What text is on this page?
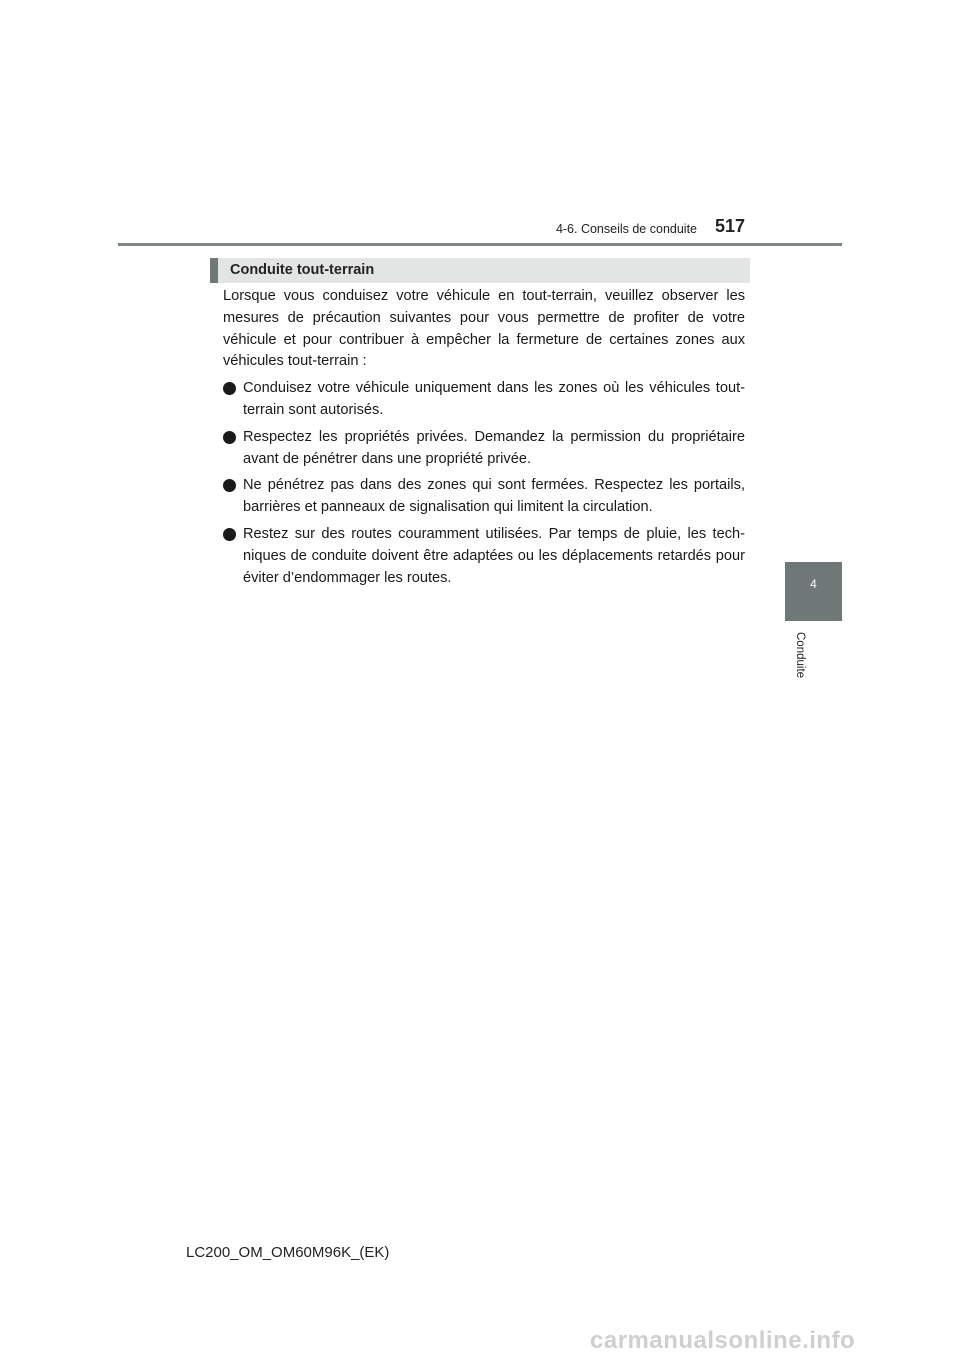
4-6. Conseils de conduite 517
4
Conduite
Conduite tout-terrain

Lorsque vous conduisez votre véhicule en tout-terrain, veuillez observer les mesures de précaution suivantes pour vous permettre de profiter de votre véhicule et pour contribuer à empêcher la fermeture de certaines zones aux véhicules tout-terrain :

Conduisez votre véhicule uniquement dans les zones où les véhicules tout-terrain sont autorisés.
Respectez les propriétés privées. Demandez la permission du propriétaire avant de pénétrer dans une propriété privée.
Ne pénétrez pas dans des zones qui sont fermées. Respectez les portails, barrières et panneaux de signalisation qui limitent la circulation.
Restez sur des routes couramment utilisées. Par temps de pluie, les tech-niques de conduite doivent être adaptées ou les déplacements retardés pour éviter d’endommager les routes.
LC200_OM_OM60M96K_(EK)
carmanualsonline.info
